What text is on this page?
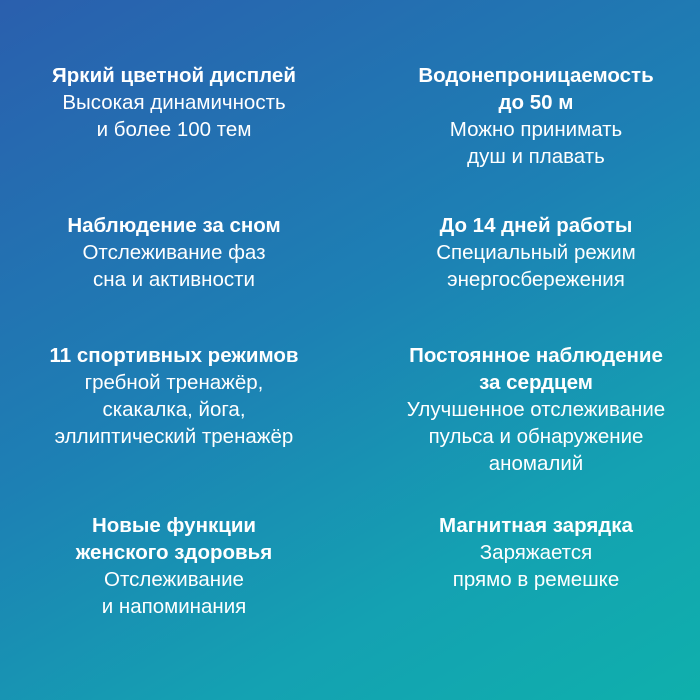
Яркий цветной дисплей
Высокая динамичность
и более 100 тем
Водонепроницаемость
до 50 м
Можно принимать
душ и плавать
Наблюдение за сном
Отслеживание фаз
сна и активности
До 14 дней работы
Специальный режим
энергосбережения
11 спортивных режимов
гребной тренажёр,
скакалка, йога,
эллиптический тренажёр
Постоянное наблюдение
за сердцем
Улучшенное отслеживание
пульса и обнаружение
аномалий
Новые функции
женского здоровья
Отслеживание
и напоминания
Магнитная зарядка
Заряжается
прямо в ремешке
